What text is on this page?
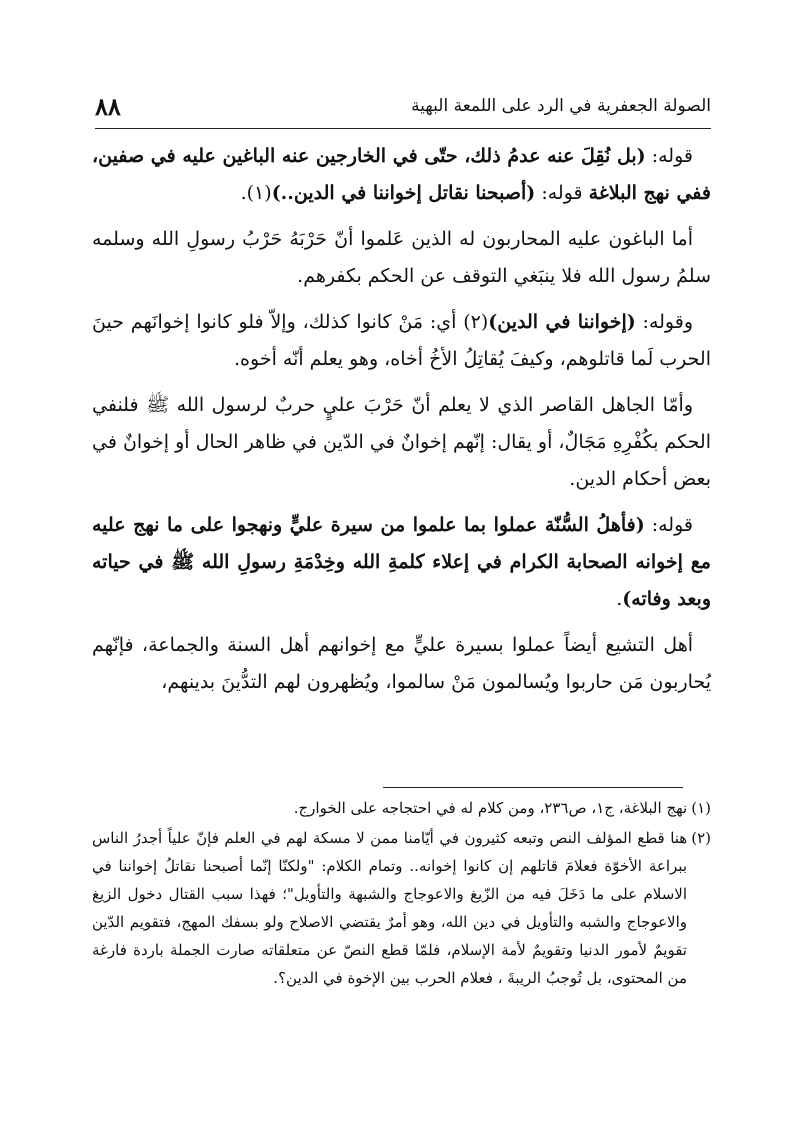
الصولة الجعفرية في الرد على اللمعة البهية
٨٨

قوله: (بل نُقِلَ عنه عدمُ ذلك، حتّى في الخارجين عنه الباغين عليه في صفين، ففي نهج البلاغة قوله: (أصبحنا نقاتل إخواننا في الدين..)(١).

أما الباغون عليه المحاربون له الذين عَلموا أنّ حَرْبَهُ حَرْبُ رسولِ الله وسلمه سلمُ رسول الله فلا ينبَغي التوقف عن الحكم بكفرهم.

وقوله: (إخواننا في الدين)(٢) أي: مَنْ كانوا كذلك، وإلاّ فلو كانوا إخوانَهم حينَ الحرب لَما قاتلوهم، وكيفَ يُقاتِلُ الأخُ أخاه، وهو يعلم أنّه أخوه.

وأمّا الجاهل القاصر الذي لا يعلم أنّ حَرْبَ عليٍ حربٌ لرسول الله ﷺ فلنفي الحكم بكُفْرِهِ مَجَالٌ، أو يقال: إنّهم إخوانٌ في الدّين في ظاهر الحال أو إخوانٌ في بعض أحكام الدين.

قوله: (فأهلُ السُّنّة عملوا بما علموا من سيرة عليٍّ ونهجوا على ما نهج عليه مع إخوانه الصحابة الكرام في إعلاء كلمةِ الله وخِدْمَةِ رسولِ الله ﷺ في حياته وبعد وفاته).

أهل التشيع أيضاً عملوا بسيرة عليٍّ مع إخوانهم أهل السنة والجماعة، فإنّهم يُحاربون مَن حاربوا ويُسالمون مَنْ سالموا، ويُظهرون لهم التدُّينَ بدينهم،

(١)نهج البلاغة، ج١، ص٢٣٦، ومن كلام له في احتجاجه على الخوارج.

(٢)هنا قطع المؤلف النص وتبعه كثيرون في أيّامنا ممن لا مسكة لهم في العلم فإنّ علياً أجدرُ الناس ببراعة الأخوّة فعلامَ قاتلهم إن كانوا إخوانه.. وتمام الكلام: "ولكنّا إنّما أصبحنا نقاتلُ إخواننا في الاسلام على ما دَخَلَ فيه من الزّيغ والاعوجاج والشبهة والتأويل"؛ فهذا سبب القتال دخول الزيغ والاعوجاج والشبه والتأويل في دين الله، وهو أمرٌ يقتضي الاصلاح ولو بسفك المهج، فتقويم الدّين تقويمٌ لأمور الدنيا وتقويمٌ لأمة الإسلام، فلمّا قطع النصّ عن متعلقاته صارت الجملة باردة فارغة من المحتوى، بل تُوجبُ الريبةَ ، فعلام الحرب بين الإخوة في الدين؟.
